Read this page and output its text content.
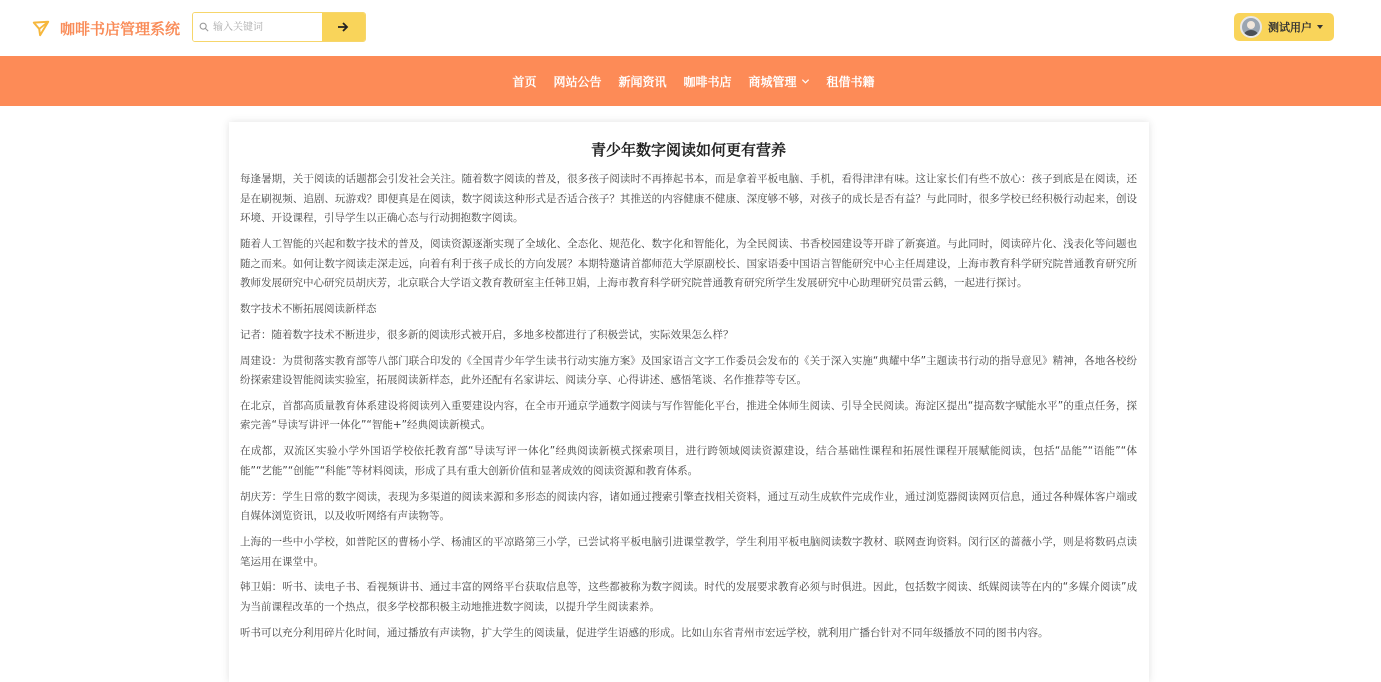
咖啡书店管理系统
输入关键词	测试用户
首页 网站公告 新闻资讯 咖啡书店 商城管理	租借书籍
青少年数字阅读如何更有营养

每逢暑期，关于阅读的话题都会引发社会关注。随着数字阅读的普及，很多孩子阅读时不再捧起书本，而是拿着平板电脑、手机，看得津津有味。这让家长们有些不放心：孩子到底是在阅读，还是在刷视频、追剧、玩游戏？即便真是在阅读，数字阅读这种形式是否适合孩子？其推送的内容健康不健康、深度够不够，对孩子的成长是否有益？与此同时，很多学校已经积极行动起来，创设环境、开设课程，引导学生以正确心态与行动拥抱数字阅读。

随着人工智能的兴起和数字技术的普及，阅读资源逐渐实现了全域化、全态化、规范化、数字化和智能化，为全民阅读、书香校园建设等开辟了新赛道。与此同时，阅读碎片化、浅表化等问题也随之而来。如何让数字阅读走深走远，向着有利于孩子成长的方向发展？本期特邀请首都师范大学原副校长、国家语委中国语言智能研究中心主任周建设，上海市教育科学研究院普通教育研究所教师发展研究中心研究员胡庆芳，北京联合大学语文教育教研室主任韩卫娟，上海市教育科学研究院普通教育研究所学生发展研究中心助理研究员雷云鹤，一起进行探讨。

数字技术不断拓展阅读新样态

记者：随着数字技术不断进步，很多新的阅读形式被开启，多地多校都进行了积极尝试，实际效果怎么样？

周建设：为贯彻落实教育部等八部门联合印发的《全国青少年学生读书行动实施方案》及国家语言文字工作委员会发布的《关于深入实施“典耀中华”主题读书行动的指导意见》精神，各地各校纷纷探索建设智能阅读实验室，拓展阅读新样态，此外还配有名家讲坛、阅读分享、心得讲述、感悟笔谈、名作推荐等专区。

在北京，首都高质量教育体系建设将阅读列入重要建设内容，在全市开通京学通数字阅读与写作智能化平台，推进全体师生阅读、引导全民阅读。海淀区提出“提高数字赋能水平”的重点任务，探索完善“导读写讲评一体化”“智能+”经典阅读新模式。

在成都，双流区实验小学外国语学校依托教育部“导读写评一体化”经典阅读新模式探索项目，进行跨领域阅读资源建设，结合基础性课程和拓展性课程开展赋能阅读，包括“品能”“语能”“体能”“艺能”“创能”“科能”等材料阅读，形成了具有重大创新价值和显著成效的阅读资源和教育体系。

胡庆芳：学生日常的数字阅读，表现为多渠道的阅读来源和多形态的阅读内容，诸如通过搜索引擎查找相关资料，通过互动生成软件完成作业，通过浏览器阅读网页信息，通过各种媒体客户端或自媒体浏览资讯，以及收听网络有声读物等。

上海的一些中小学校，如普陀区的曹杨小学、杨浦区的平凉路第三小学，已尝试将平板电脑引进课堂教学，学生利用平板电脑阅读数字教材、联网查询资料。闵行区的蔷薇小学，则是将数码点读笔运用在课堂中。

韩卫娟：听书、读电子书、看视频讲书、通过丰富的网络平台获取信息等，这些都被称为数字阅读。时代的发展要求教育必须与时俱进。因此，包括数字阅读、纸媒阅读等在内的“多媒介阅读”成为当前课程改革的一个热点，很多学校都积极主动地推进数字阅读，以提升学生阅读素养。

听书可以充分利用碎片化时间，通过播放有声读物，扩大学生的阅读量，促进学生语感的形成。比如山东省青州市宏远学校，就利用广播台针对不同年级播放不同的图书内容。
